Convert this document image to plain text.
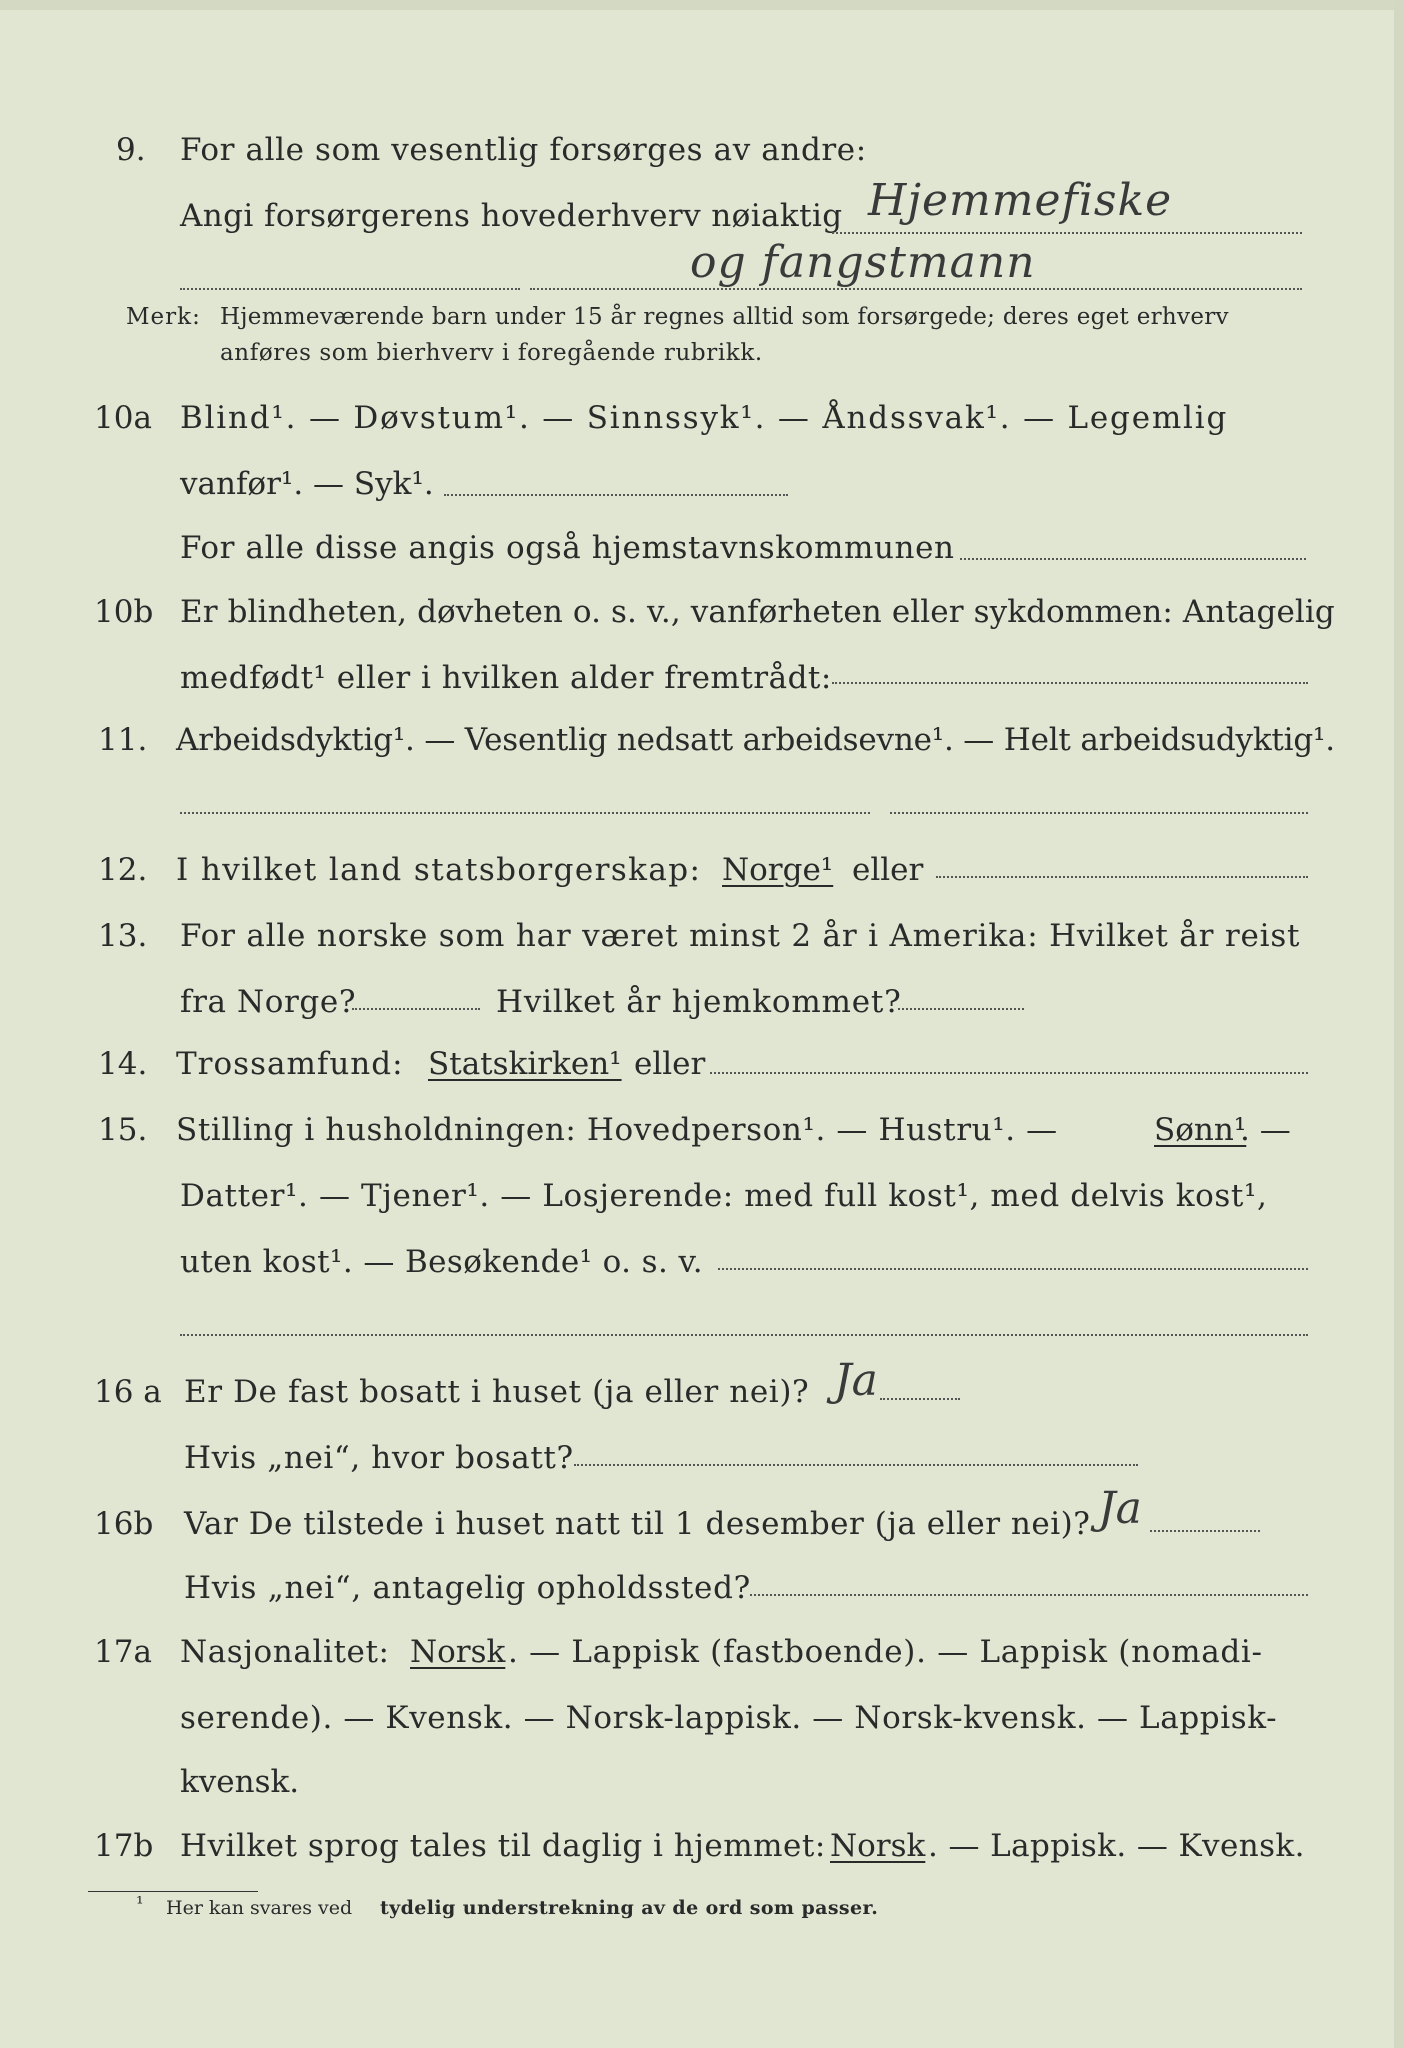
9. For alle som vesentlig forsørges av andre:
Angi forsørgerens hovederhverv nøiaktig Hjemmefiske
og fangstmann
Merk: Hjemmeværende barn under 15 år regnes alltid som forsørgede; deres eget erhverv
anføres som bierhverv i foregående rubrikk.
10a Blind¹. — Døvstum¹. — Sinnssyk¹. — Åndssvak¹. — Legemlig
vanfør¹. — Syk¹.
For alle disse angis også hjemstavnskommunen
10b Er blindheten, døvheten o. s. v., vanførheten eller sykdommen: Antagelig
medfødt¹ eller i hvilken alder fremtrådt:
11. Arbeidsdyktig¹. — Vesentlig nedsatt arbeidsevne¹. — Helt arbeidsudyktig¹.
12. I hvilket land statsborgerskap: Norge¹ eller
13. For alle norske som har været minst 2 år i Amerika: Hvilket år reist
fra Norge?	Hvilket år hjemkommet?
14. Trossamfund: Statskirken¹ eller
15. Stilling i husholdningen: Hovedperson¹. — Hustru¹. —	Sønn¹
. —
Datter¹. — Tjener¹. — Losjerende: med full kost¹, med delvis kost¹,
uten kost¹. — Besøkende¹ o. s. v.
16 a Er De fast bosatt i huset (ja eller nei)? Ja
Hvis „nei“, hvor bosatt?
16b Var De tilstede i huset natt til 1 desember (ja eller nei)? Ja
Hvis „nei“, antagelig opholdssted?
17a Nasjonalitet: Norsk . — Lappisk (fastboende). — Lappisk (nomadi-
serende). — Kvensk. — Norsk-lappisk. — Norsk-kvensk. — Lappisk-
kvensk.
17b Hvilket sprog tales til daglig i hjemmet: Norsk . — Lappisk. — Kvensk.
¹ Her kan svares ved tydelig understrekning av de ord som passer.
